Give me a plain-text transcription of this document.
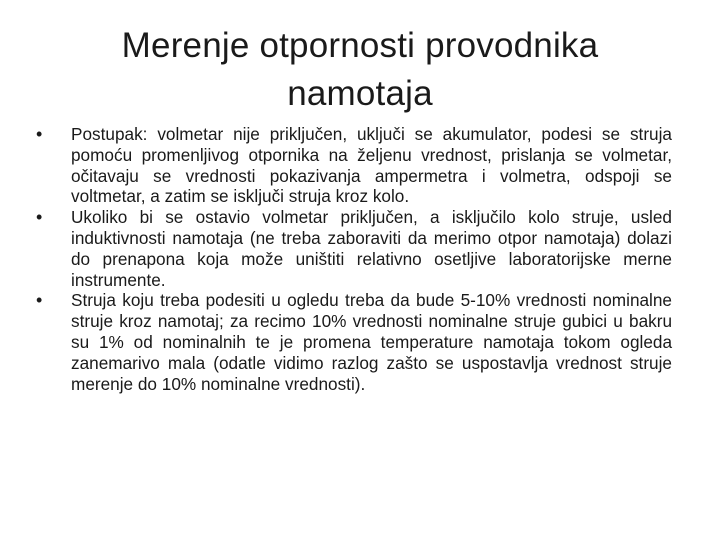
Merenje otpornosti provodnika namotaja
•	Postupak: volmetar nije priključen, uključi se akumulator, podesi se struja pomoću promenljivog otpornika na željenu vrednost, prislanja se volmetar, očitavaju se vrednosti pokazivanja ampermetra i volmetra, odspoji se voltmetar, a zatim se isključi struja kroz kolo.
•	Ukoliko bi se ostavio volmetar priključen, a isključilo kolo struje, usled induktivnosti namotaja (ne treba zaboraviti da merimo otpor namotaja) dolazi do prenapona koja može uništiti relativno osetljive laboratorijske merne instrumente.
•	Struja koju treba podesiti u ogledu treba da bude 5-10% vrednosti nominalne struje kroz namotaj; za recimo 10% vrednosti nominalne struje gubici u bakru su 1% od nominalnih te je promena temperature namotaja tokom ogleda zanemarivo mala (odatle vidimo razlog zašto se uspostavlja vrednost struje merenje do 10% nominalne vrednosti).
